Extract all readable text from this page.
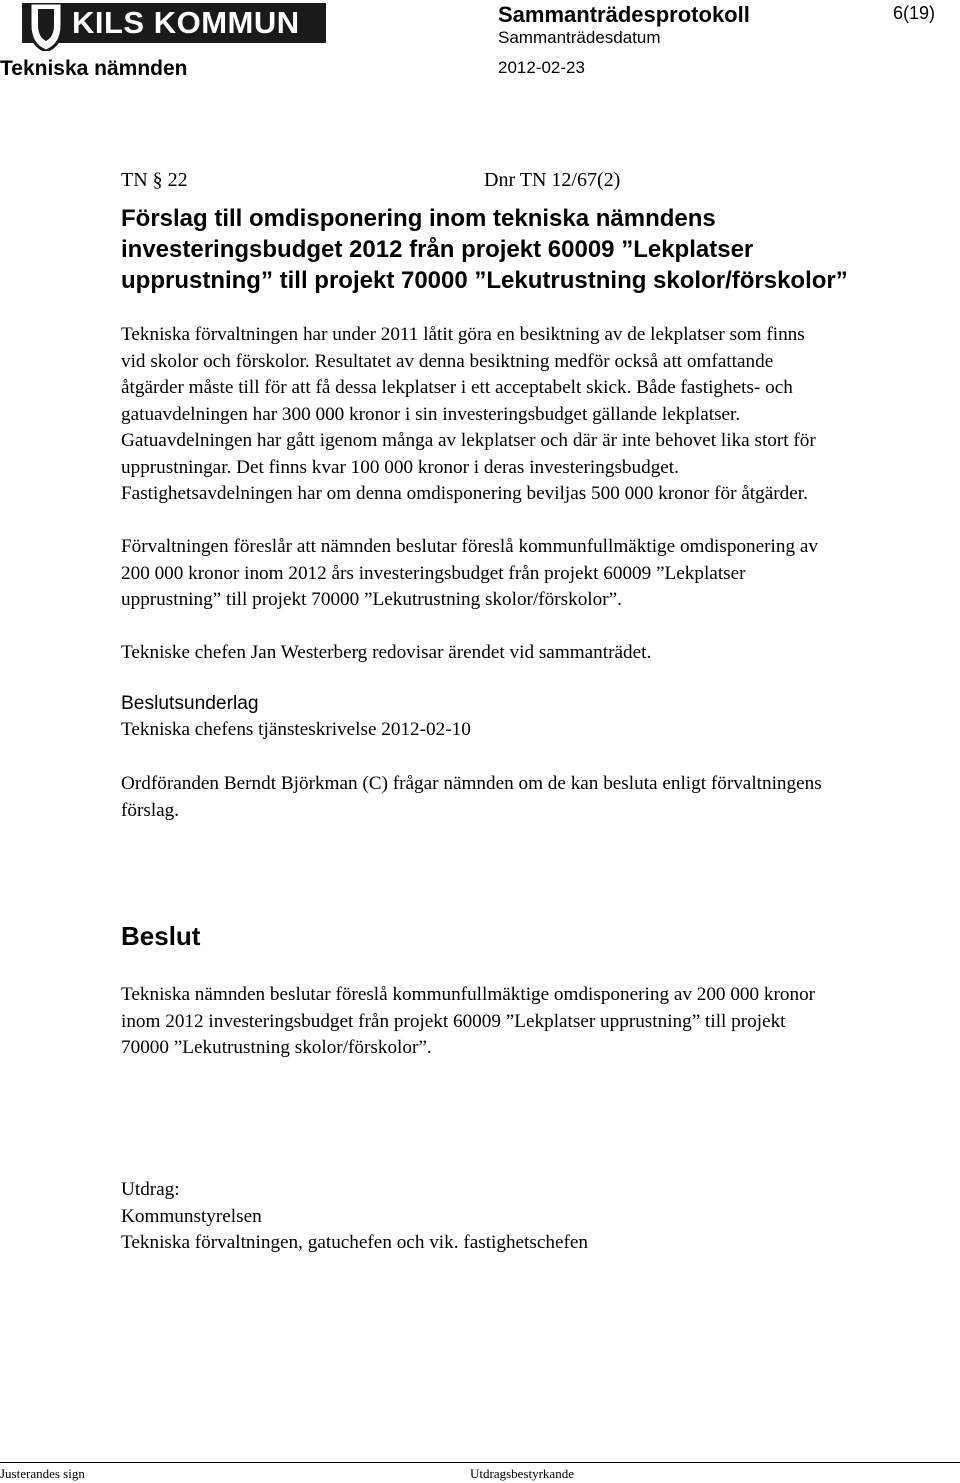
KILS KOMMUN	Sammanträdesprotokoll
Sammanträdesdatum
6(19)
Tekniska nämnden	2012-02-23
TN § 22	Dnr TN 12/67(2)
Förslag till omdisponering inom tekniska nämndens
investeringsbudget 2012 från projekt 60009 ”Lekplatser
upprustning” till projekt 70000 ”Lekutrustning skolor/förskolor”
Tekniska förvaltningen har under 2011 låtit göra en besiktning av de lekplatser som finns
vid skolor och förskolor. Resultatet av denna besiktning medför också att omfattande
åtgärder måste till för att få dessa lekplatser i ett acceptabelt skick. Både fastighets- och
gatuavdelningen har 300 000 kronor i sin investeringsbudget gällande lekplatser.
Gatuavdelningen har gått igenom många av lekplatser och där är inte behovet lika stort för
upprustningar. Det finns kvar 100 000 kronor i deras investeringsbudget.
Fastighetsavdelningen har om denna omdisponering beviljas 500 000 kronor för åtgärder.
Förvaltningen föreslår att nämnden beslutar föreslå kommunfullmäktige omdisponering av
200 000 kronor inom 2012 års investeringsbudget från projekt 60009 ”Lekplatser
upprustning” till projekt 70000 ”Lekutrustning skolor/förskolor”.
Tekniske chefen Jan Westerberg redovisar ärendet vid sammanträdet.
Beslutsunderlag
Tekniska chefens tjänsteskrivelse 2012-02-10
Ordföranden Berndt Björkman (C) frågar nämnden om de kan besluta enligt förvaltningens
förslag.
Beslut
Tekniska nämnden beslutar föreslå kommunfullmäktige omdisponering av 200 000 kronor
inom 2012 investeringsbudget från projekt 60009 ”Lekplatser upprustning” till projekt
70000 ”Lekutrustning skolor/förskolor”.
Utdrag:
Kommunstyrelsen
Tekniska förvaltningen, gatuchefen och vik. fastighetschefen
Justerandes sign	Utdragsbestyrkande
